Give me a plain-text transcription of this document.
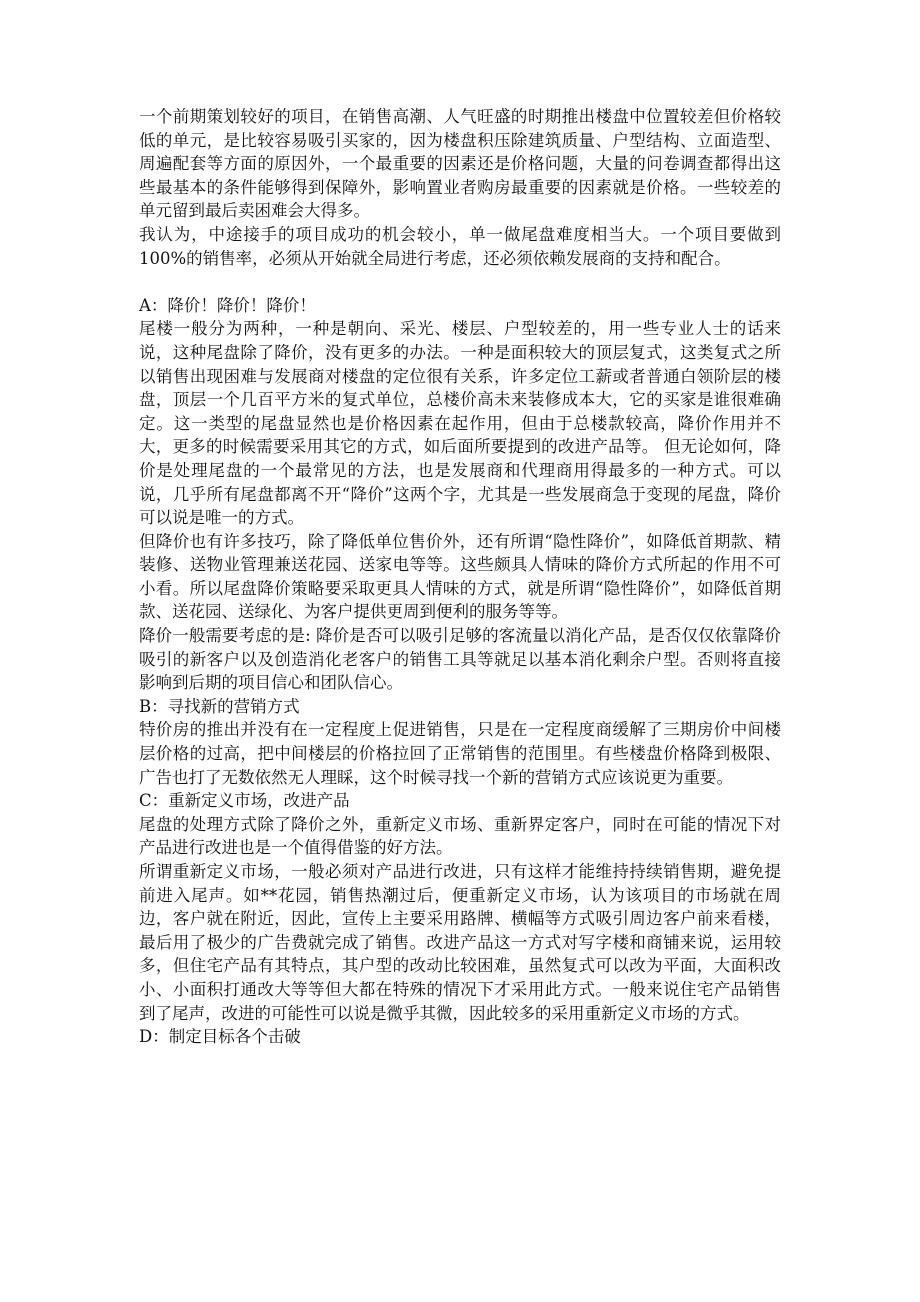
一个前期策划较好的项目，在销售高潮、人气旺盛的时期推出楼盘中位置较差但价格较低的单元，是比较容易吸引买家的，因为楼盘积压除建筑质量、户型结构、立面造型、周遍配套等方面的原因外，一个最重要的因素还是价格问题，大量的问卷调查都得出这些最基本的条件能够得到保障外，影响置业者购房最重要的因素就是价格。一些较差的单元留到最后卖困难会大得多。

我认为，中途接手的项目成功的机会较小，单一做尾盘难度相当大。一个项目要做到 100%的销售率，必须从开始就全局进行考虑，还必须依赖发展商的支持和配合。

A：降价！降价！降价！

尾楼一般分为两种，一种是朝向、采光、楼层、户型较差的，用一些专业人士的话来说，这种尾盘除了降价，没有更多的办法。一种是面积较大的顶层复式，这类复式之所以销售出现困难与发展商对楼盘的定位很有关系，许多定位工薪或者普通白领阶层的楼盘，顶层一个几百平方米的复式单位，总楼价高未来装修成本大，它的买家是谁很难确定。这一类型的尾盘显然也是价格因素在起作用，但由于总楼款较高，降价作用并不大，更多的时候需要采用其它的方式，如后面所要提到的改进产品等。 但无论如何，降价是处理尾盘的一个最常见的方法，也是发展商和代理商用得最多的一种方式。可以说，几乎所有尾盘都离不开“降价”这两个字，尤其是一些发展商急于变现的尾盘，降价可以说是唯一的方式。

但降价也有许多技巧，除了降低单位售价外，还有所谓“隐性降价”，如降低首期款、精装修、送物业管理兼送花园、送家电等等。这些颇具人情味的降价方式所起的作用不可小看。所以尾盘降价策略要采取更具人情味的方式，就是所谓“隐性降价”，如降低首期款、送花园、送绿化、为客户提供更周到便利的服务等等。

降价一般需要考虑的是: 降价是否可以吸引足够的客流量以消化产品，是否仅仅依靠降价吸引的新客户以及创造消化老客户的销售工具等就足以基本消化剩余户型。否则将直接影响到后期的项目信心和团队信心。

B：寻找新的营销方式

特价房的推出并没有在一定程度上促进销售，只是在一定程度商缓解了三期房价中间楼层价格的过高，把中间楼层的价格拉回了正常销售的范围里。有些楼盘价格降到极限、广告也打了无数依然无人理睬，这个时候寻找一个新的营销方式应该说更为重要。

C：重新定义市场，改进产品

尾盘的处理方式除了降价之外，重新定义市场、重新界定客户，同时在可能的情况下对产品进行改进也是一个值得借鉴的好方法。

所谓重新定义市场，一般必须对产品进行改进，只有这样才能维持持续销售期，避免提前进入尾声。如**花园，销售热潮过后，便重新定义市场，认为该项目的市场就在周边，客户就在附近，因此，宣传上主要采用路牌、横幅等方式吸引周边客户前来看楼，最后用了极少的广告费就完成了销售。改进产品这一方式对写字楼和商铺来说，运用较多，但住宅产品有其特点，其户型的改动比较困难，虽然复式可以改为平面，大面积改小、小面积打通改大等等但大都在特殊的情况下才采用此方式。一般来说住宅产品销售到了尾声，改进的可能性可以说是微乎其微，因此较多的采用重新定义市场的方式。

D：制定目标各个击破
